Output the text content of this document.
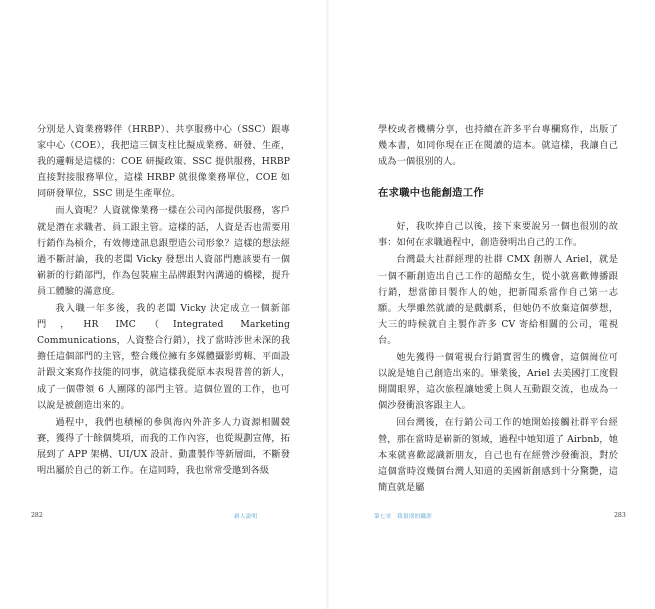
分別是人資業務夥伴（HRBP）、共享服務中心（SSC）跟專家中心（COE），我把這三個支柱比擬成業務、研發、生產，我的邏輯是這樣的：COE 研擬政策、SSC 提供服務，HRBP直接對接服務單位，這樣 HRBP 就很像業務單位，COE 如同研發單位，SSC 則是生產單位。

而人資呢？人資就像業務一樣在公司內部提供服務，客戶就是潛在求職者、員工跟主管。這樣的話，人資是否也需要用行銷作為槓介，有效傳達訊息跟塑造公司形象？這樣的想法經過不斷討論，我的老闆 Vicky 發想出人資部門應該要有一個嶄新的行銷部門，作為包裝雇主品牌跟對內溝通的橋樑，提升員工體驗的滿意度。

我入職一年多後，我的老闆 Vicky 決定成立一個新部門，HR IMC（Integrated Marketing Communications，人資整合行銷），找了當時涉世未深的我擔任這個部門的主管，整合幾位擁有多媒體攝影剪輯、平面設計跟文案寫作技能的同事，就這樣我從原本表現普普的新人，成了一個帶領 6 人團隊的部門主管。這個位置的工作，也可以說是被創造出來的。

過程中，我們也積極的參與海內外許多人力資源相關競賽，獲得了十餘個獎項，而我的工作內容，也從規劃宣傳，拓展到了 APP 架構、UI/UX 設計、動畫製作等新層面，不斷發明出屬於自己的新工作。在這同時，我也常常受邀到各級

282	新人說明

學校或者機構分享，也持續在許多平台專欄寫作，出版了幾本書，如同你現在正在閱讀的這本。就這樣，我讓自己成為一個很別的人。

在求職中也能創造工作

好，我吹捧自己以後，接下來要說另一個也很別的故事：如何在求職過程中，創造發明出自己的工作。

台灣最大社群經理的社群 CMX 創辦人 Ariel，就是一個不斷創造出自己工作的超酷女生，從小就喜歡傳播跟行銷，想當節目製作人的她，把新聞系當作自己第一志願。大學雖然就讀的是戲劇系，但她仍不放棄這個夢想，大三的時候就自主製作許多 CV 寄給相關的公司，電視台。

她先獲得一個電視台行銷實習生的機會，這個崗位可以說是她自己創造出來的。畢業後，Ariel 去美國打工度假開闊眼界，這次旅程讓她愛上與人互動跟交流，也成為一個沙發衝浪客跟主人。

回台灣後，在行銷公司工作的她開始接觸社群平台經營，那在當時是嶄新的領域，過程中她知道了 Airbnb，她本來就喜歡認識新朋友，自己也有在經營沙發衝浪，對於這個當時沒幾個台灣人知道的美國新創感到十分驚艷，這簡直就是屬

第七章　我很別的職涯	283
